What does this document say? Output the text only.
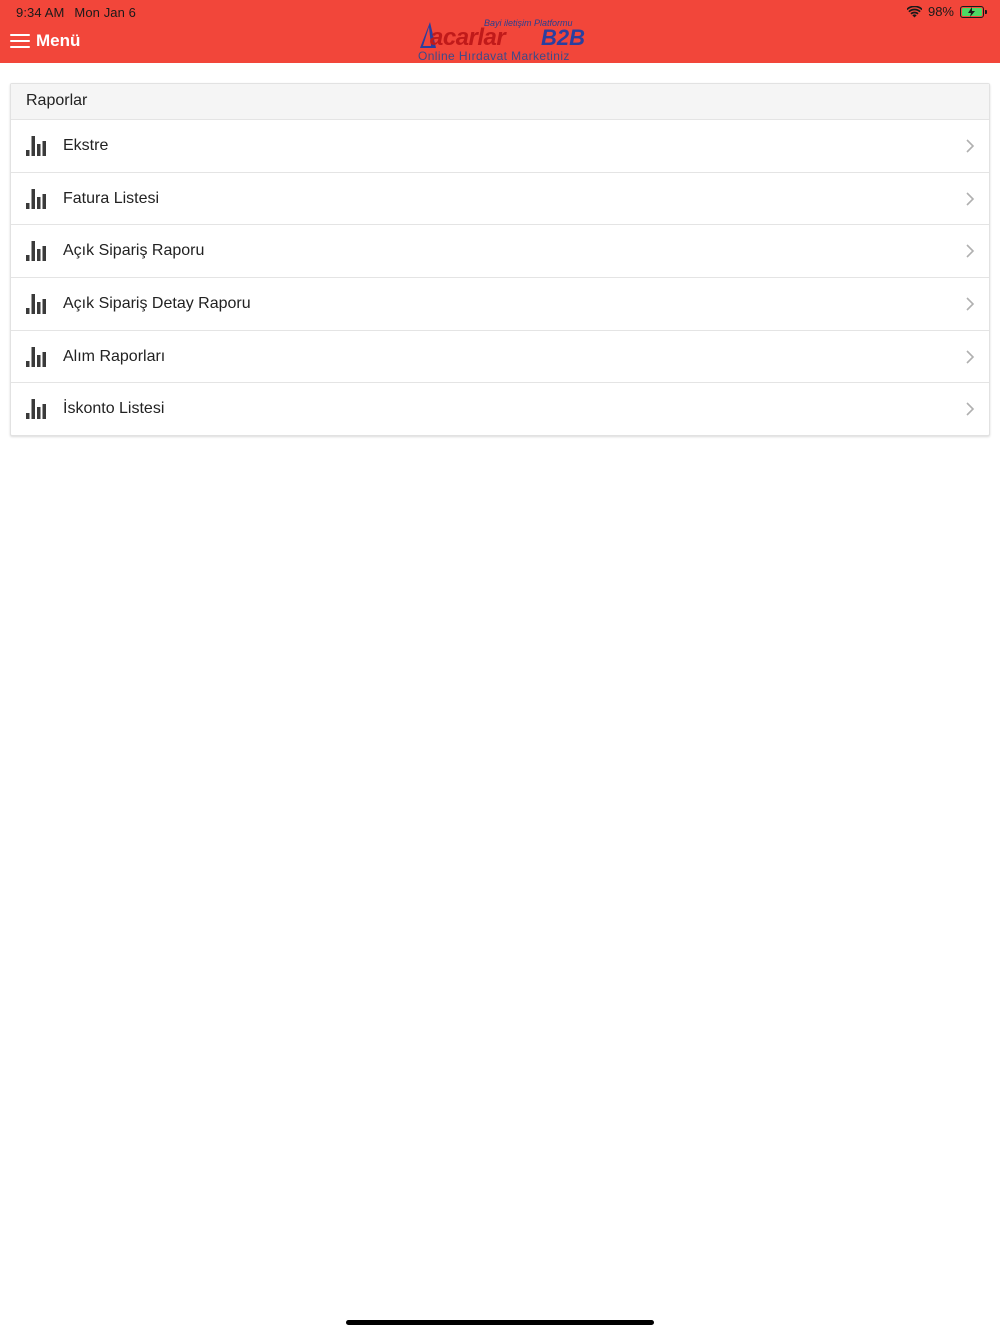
9:34 AM Mon Jan 6	98%
Menü
Bayi iletişim Platformu
acarlar B2B
Online Hırdavat Marketiniz
Raporlar
Ekstre
Fatura Listesi
Açık Sipariş Raporu
Açık Sipariş Detay Raporu
Alım Raporları
İskonto Listesi
